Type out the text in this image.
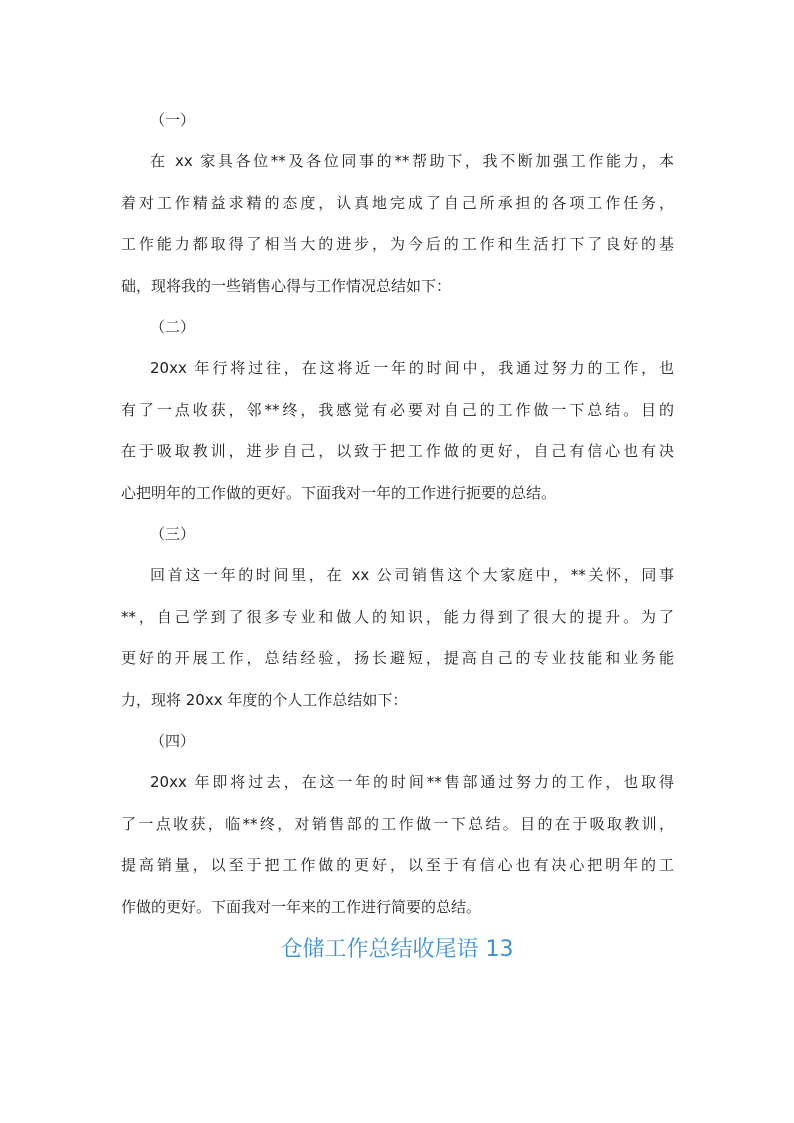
（一）

在 xx 家具各位**及各位同事的**帮助下，我不断加强工作能力，本
着对工作精益求精的态度，认真地完成了自己所承担的各项工作任务，
工作能力都取得了相当大的进步，为今后的工作和生活打下了良好的基
础，现将我的一些销售心得与工作情况总结如下：

（二）

20xx 年行将过往，在这将近一年的时间中，我通过努力的工作，也
有了一点收获，邻**终，我感觉有必要对自己的工作做一下总结。目的
在于吸取教训，进步自己，以致于把工作做的更好，自己有信心也有决
心把明年的工作做的更好。下面我对一年的工作进行扼要的总结。

（三）

回首这一年的时间里，在 xx 公司销售这个大家庭中，**关怀，同事
**，自己学到了很多专业和做人的知识，能力得到了很大的提升。为了
更好的开展工作，总结经验，扬长避短，提高自己的专业技能和业务能
力，现将 20xx 年度的个人工作总结如下：

（四）

20xx 年即将过去，在这一年的时间**售部通过努力的工作，也取得
了一点收获，临**终，对销售部的工作做一下总结。目的在于吸取教训，
提高销量，以至于把工作做的更好，以至于有信心也有决心把明年的工
作做的更好。下面我对一年来的工作进行简要的总结。

仓储工作总结收尾语 13
